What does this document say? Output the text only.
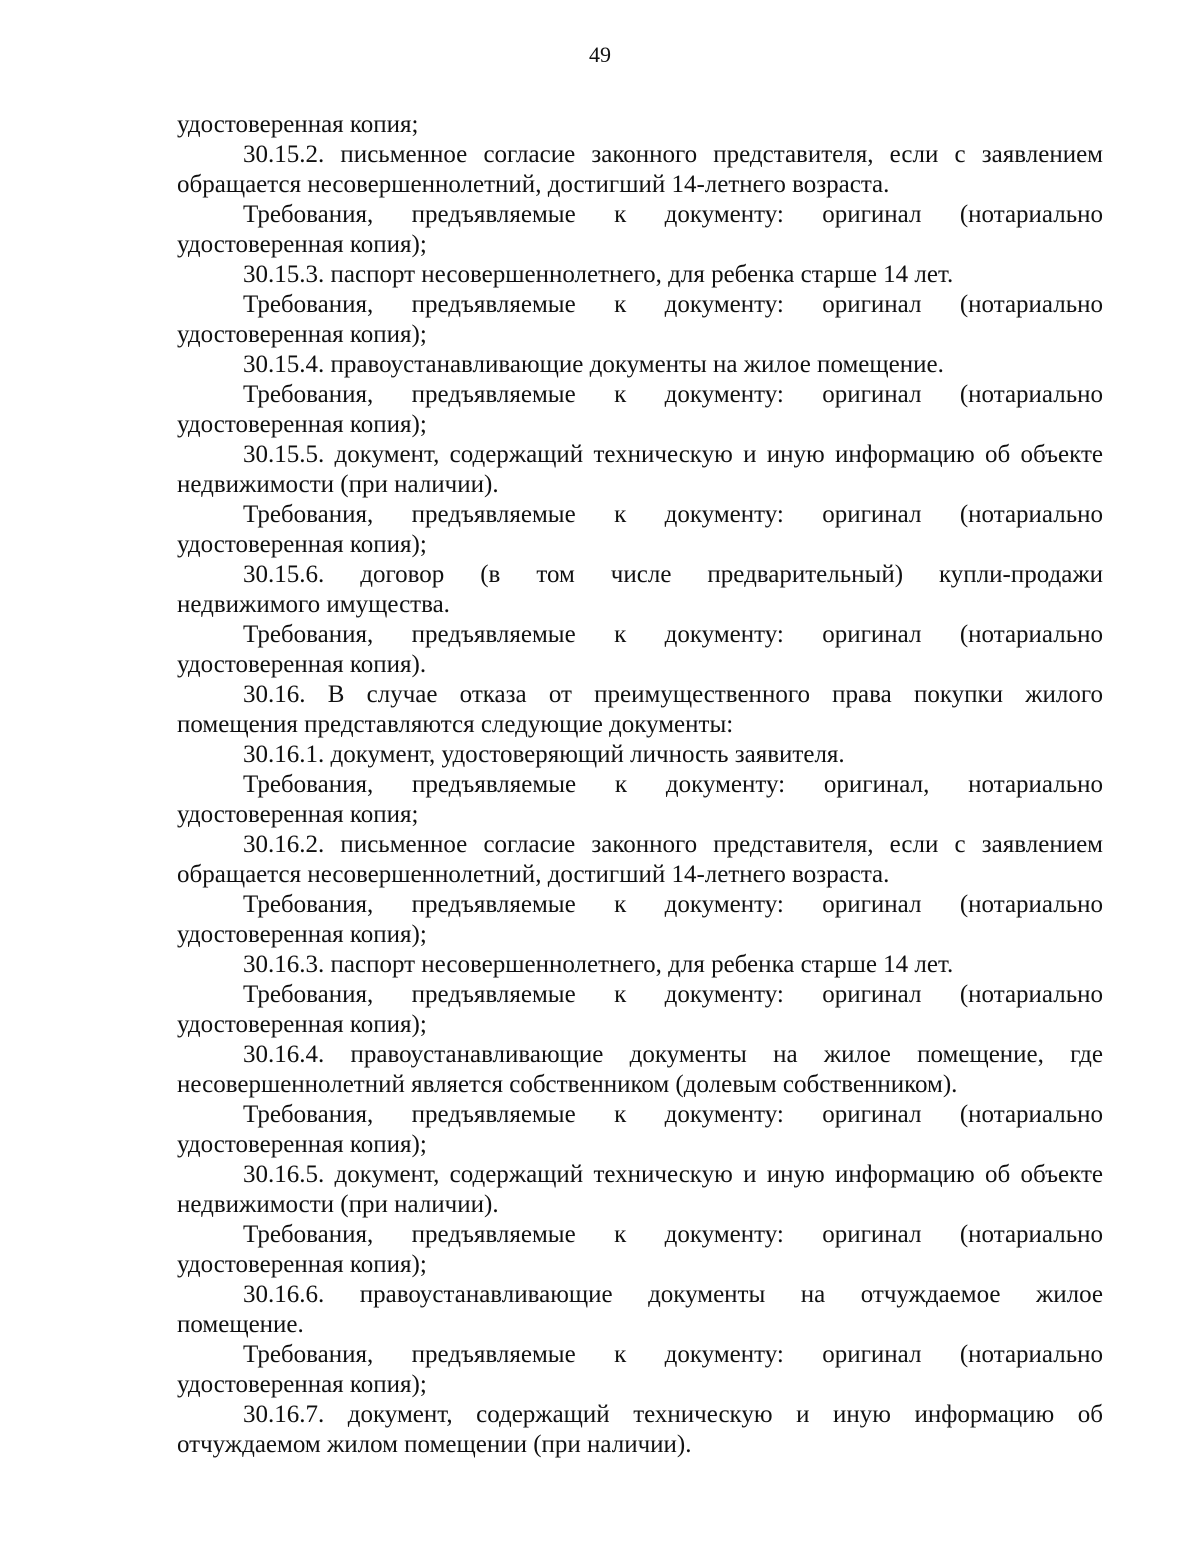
49
удостоверенная копия;
30.15.2. письменное согласие законного представителя, если с заявлением
обращается несовершеннолетний, достигший 14-летнего возраста.
Требования, предъявляемые к документу: оригинал (нотариально
удостоверенная копия);
30.15.3. паспорт несовершеннолетнего, для ребенка старше 14 лет.
Требования, предъявляемые к документу: оригинал (нотариально
удостоверенная копия);
30.15.4. правоустанавливающие документы на жилое помещение.
Требования, предъявляемые к документу: оригинал (нотариально
удостоверенная копия);
30.15.5. документ, содержащий техническую и иную информацию об объекте
недвижимости (при наличии).
Требования, предъявляемые к документу: оригинал (нотариально
удостоверенная копия);
30.15.6. договор (в том числе предварительный) купли-продажи
недвижимого имущества.
Требования, предъявляемые к документу: оригинал (нотариально
удостоверенная копия).
30.16. В случае отказа от преимущественного права покупки жилого
помещения представляются следующие документы:
30.16.1. документ, удостоверяющий личность заявителя.
Требования, предъявляемые к документу: оригинал, нотариально
удостоверенная копия;
30.16.2. письменное согласие законного представителя, если с заявлением
обращается несовершеннолетний, достигший 14-летнего возраста.
Требования, предъявляемые к документу: оригинал (нотариально
удостоверенная копия);
30.16.3. паспорт несовершеннолетнего, для ребенка старше 14 лет.
Требования, предъявляемые к документу: оригинал (нотариально
удостоверенная копия);
30.16.4. правоустанавливающие документы на жилое помещение, где
несовершеннолетний является собственником (долевым собственником).
Требования, предъявляемые к документу: оригинал (нотариально
удостоверенная копия);
30.16.5. документ, содержащий техническую и иную информацию об объекте
недвижимости (при наличии).
Требования, предъявляемые к документу: оригинал (нотариально
удостоверенная копия);
30.16.6. правоустанавливающие документы на отчуждаемое жилое
помещение.
Требования, предъявляемые к документу: оригинал (нотариально
удостоверенная копия);
30.16.7. документ, содержащий техническую и иную информацию об
отчуждаемом жилом помещении (при наличии).
